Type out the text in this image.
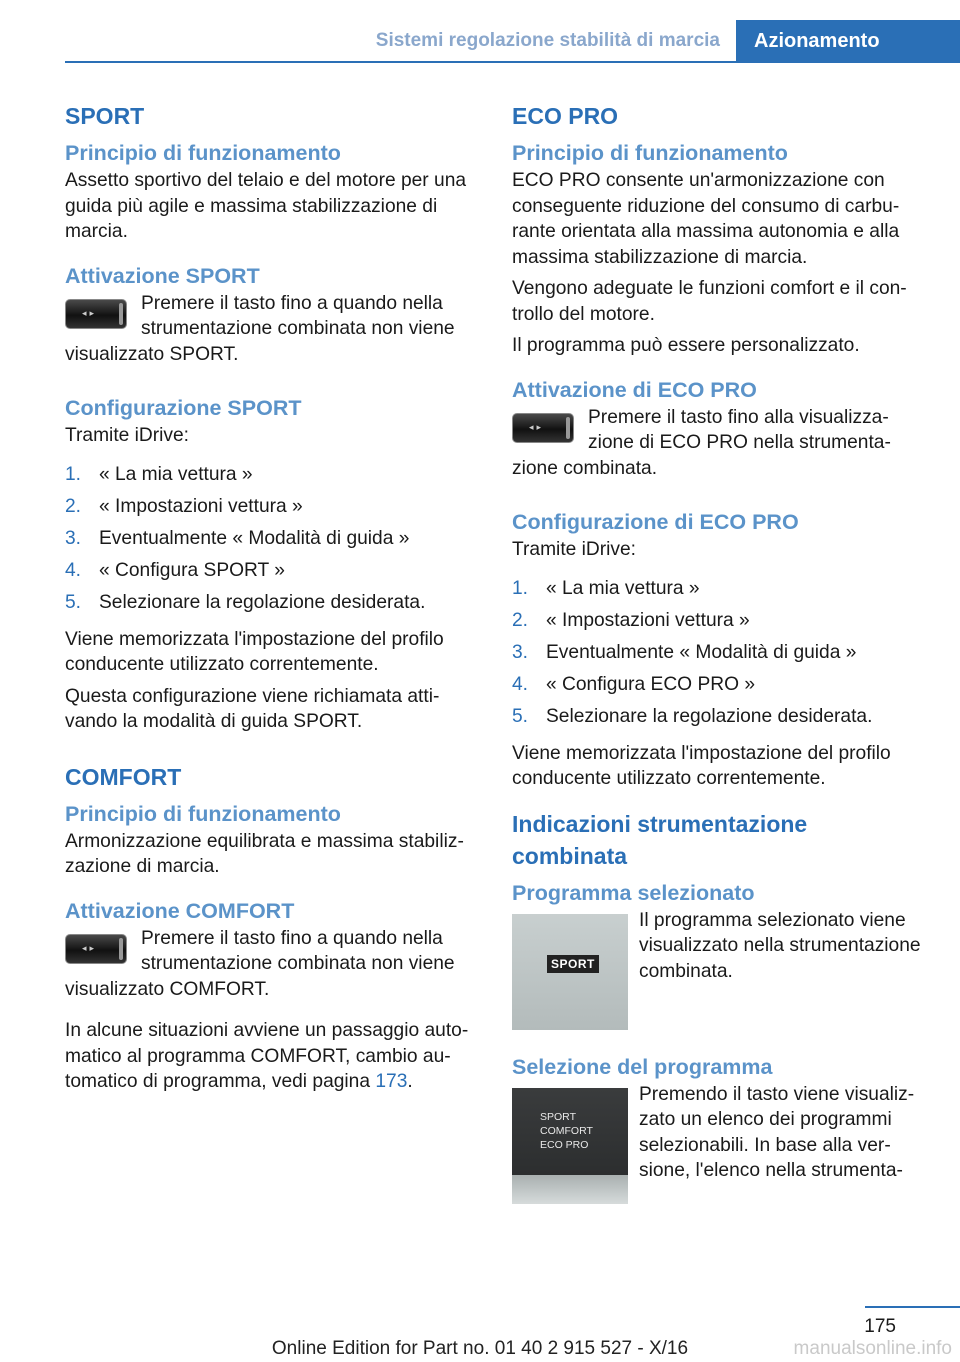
Sistemi regolazione stabilità di marcia	Azionamento
SPORT
Principio di funzionamento

Assetto sportivo del telaio e del motore per una guida più agile e massima stabilizzazione di marcia.

Attivazione SPORT
◂▸	Premere il tasto fino a quando nella strumentazione combinata non viene visualizzato SPORT.

Configurazione SPORT

Tramite iDrive:

1. « La mia vettura »
2. « Impostazioni vettura »
3. Eventualmente « Modalità di guida »
4. « Configura SPORT »
5. Selezionare la regolazione desiderata.

Viene memorizzata l'impostazione del profilo conducente utilizzato correntemente.

Questa configurazione viene richiamata attivando la modalità di guida SPORT.

COMFORT
Principio di funzionamento

Armonizzazione equilibrata e massima stabilizzazione di marcia.

Attivazione COMFORT
◂▸	Premere il tasto fino a quando nella strumentazione combinata non viene visualizzato COMFORT.

In alcune situazioni avviene un passaggio automatico al programma COMFORT, cambio automatico di programma, vedi pagina 173.

ECO PRO
Principio di funzionamento

ECO PRO consente un'armonizzazione con conseguente riduzione del consumo di carburante orientata alla massima autonomia e alla massima stabilizzazione di marcia.

Vengono adeguate le funzioni comfort e il controllo del motore.

Il programma può essere personalizzato.

Attivazione di ECO PRO
◂▸	Premere il tasto fino alla visualizzazione di ECO PRO nella strumentazione combinata.

Configurazione di ECO PRO

Tramite iDrive:

1. « La mia vettura »
2. « Impostazioni vettura »
3. Eventualmente « Modalità di guida »
4. « Configura ECO PRO »
5. Selezionare la regolazione desiderata.

Viene memorizzata l'impostazione del profilo conducente utilizzato correntemente.

Indicazioni strumentazione combinata
Programma selezionato
SPORT

Il programma selezionato viene visualizzato nella strumentazione combinata.

Selezione del programma
SPORT
COMFORT
ECO PRO

Premendo il tasto viene visualizzato un elenco dei programmi selezionabili. In base alla versione, l'elenco nella strumenta-

175
Online Edition for Part no. 01 40 2 915 527 - X/16	manualsonline.info
